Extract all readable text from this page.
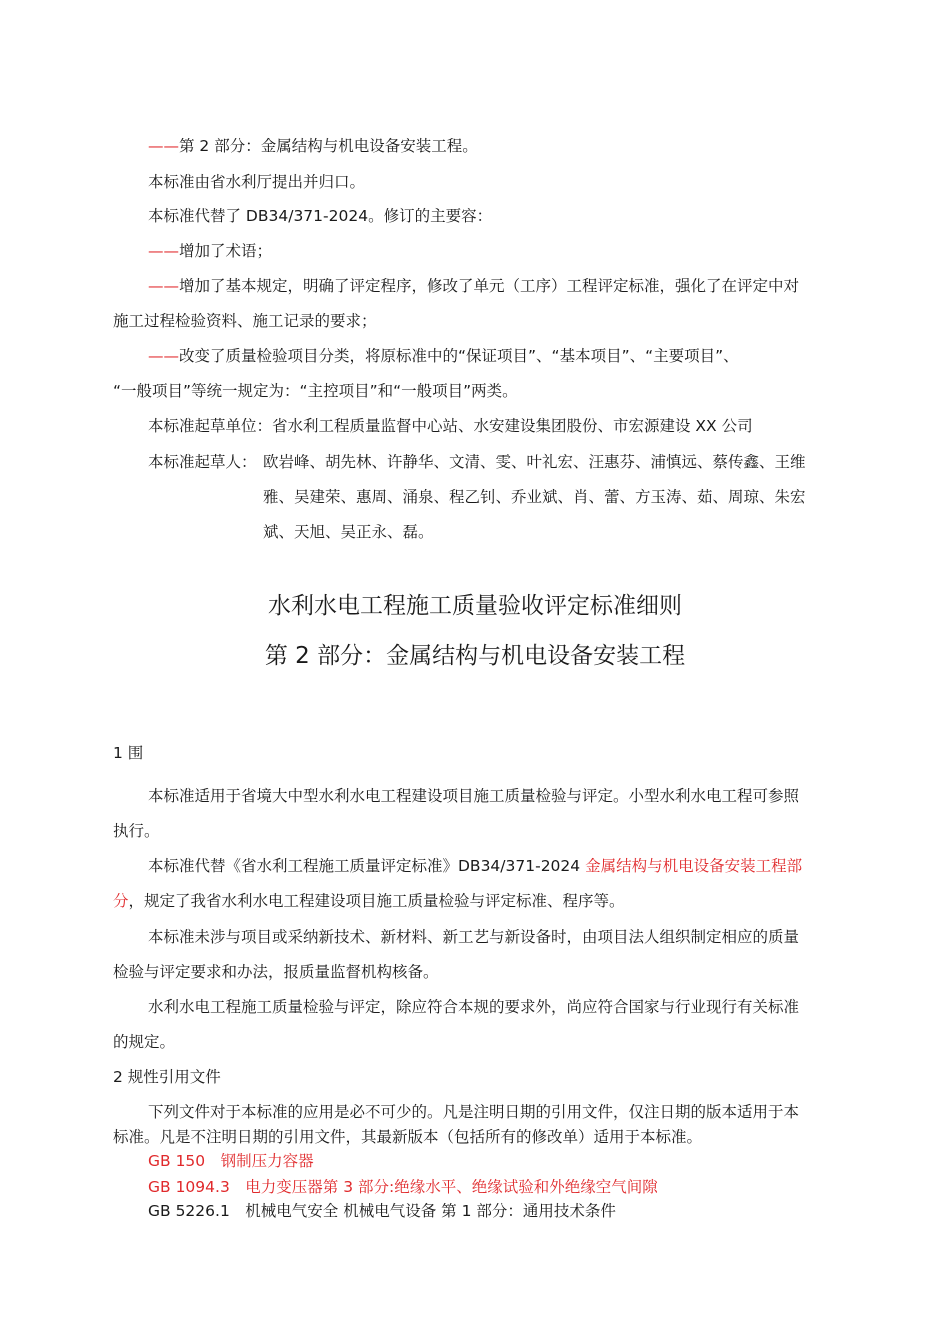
——第 2 部分：金属结构与机电设备安装工程。
本标准由省水利厅提出并归口。
本标准代替了 DB34/371-2024。修订的主要容：
——增加了术语；
——增加了基本规定，明确了评定程序，修改了单元（工序）工程评定标准，强化了在评定中对
施工过程检验资料、施工记录的要求；
——改变了质量检验项目分类，将原标准中的“保证项目”、“基本项目”、“主要项目”、
“一般项目”等统一规定为：“主控项目”和“一般项目”两类。
本标准起草单位：省水利工程质量监督中心站、水安建设集团股份、市宏源建设 XX 公司
本标准起草人： 欧岩峰、胡先林、许静华、文清、雯、叶礼宏、汪惠芬、浦慎远、蔡传鑫、王维
雅、吴建荣、惠周、涌泉、程乙钊、乔业斌、肖、蕾、方玉涛、茹、周琼、朱宏
斌、天旭、吴正永、磊。
水利水电工程施工质量验收评定标准细则
第 2 部分：金属结构与机电设备安装工程
1 围
本标准适用于省境大中型水利水电工程建设项目施工质量检验与评定。小型水利水电工程可参照
执行。
本标准代替《省水利工程施工质量评定标准》DB34/371-2024 金属结构与机电设备安装工程部
分，规定了我省水利水电工程建设项目施工质量检验与评定标准、程序等。
本标准未涉与项目或采纳新技术、新材料、新工艺与新设备时，由项目法人组织制定相应的质量
检验与评定要求和办法，报质量监督机构核备。
水利水电工程施工质量检验与评定，除应符合本规的要求外，尚应符合国家与行业现行有关标准
的规定。
2 规性引用文件
下列文件对于本标准的应用是必不可少的。凡是注明日期的引用文件，仅注日期的版本适用于本
标准。凡是不注明日期的引用文件，其最新版本（包括所有的修改单）适用于本标准。
GB 150　钢制压力容器
GB 1094.3　电力变压器第 3 部分:绝缘水平、绝缘试验和外绝缘空气间隙
GB 5226.1　机械电气安全 机械电气设备 第 1 部分：通用技术条件
